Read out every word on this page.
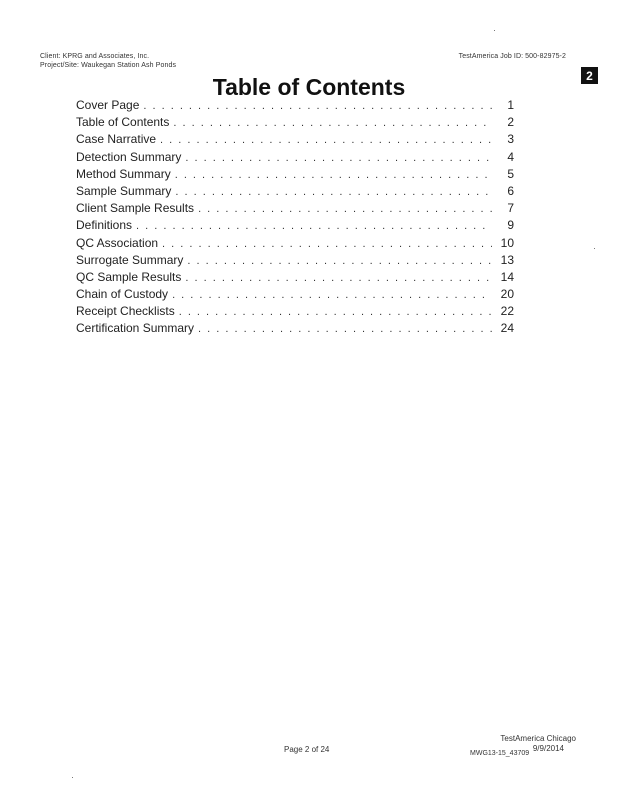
Client: KPRG and Associates, Inc.
Project/Site: Waukegan Station Ash Ponds
TestAmerica Job ID: 500-82975-2
2
Table of Contents
Cover Page . . .	1
Table of Contents . . .	2
Case Narrative . . .	3
Detection Summary . . .	4
Method Summary . . .	5
Sample Summary . . .	6
Client Sample Results . . .	7
Definitions . . .	9
QC Association . . .	10
Surrogate Summary . . .	13
QC Sample Results . . .	14
Chain of Custody . . .	20
Receipt Checklists . . .	22
Certification Summary . . .	24
Page 2 of 24
TestAmerica Chicago
9/9/2014
MWG13-15_43709
